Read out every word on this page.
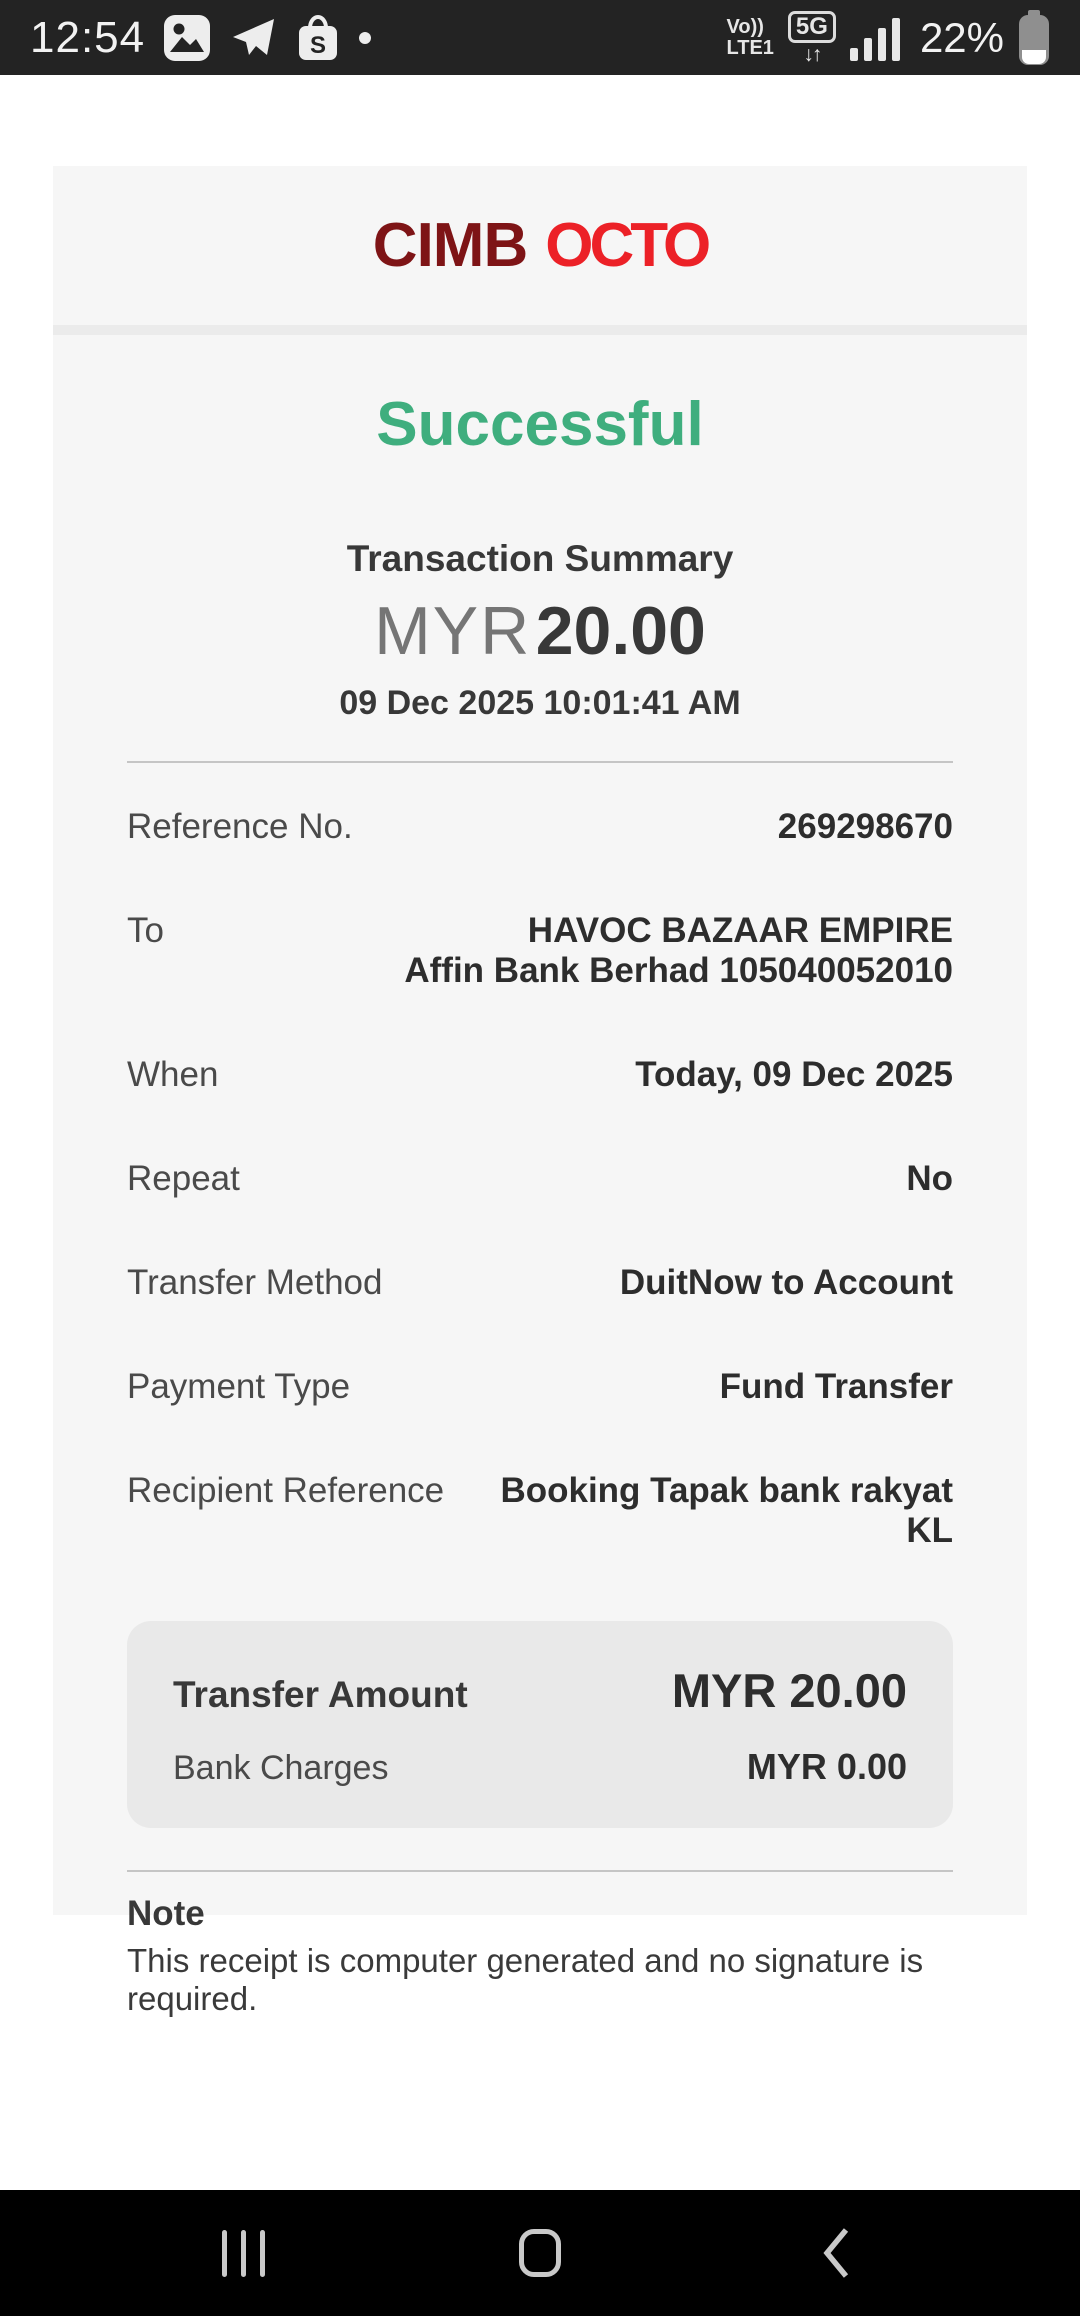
12:54	S
Vo))
LTE1
5G
↓↑ 22%
CIMB OCTO
Successful
Transaction Summary
MYR 20.00
09 Dec 2025 10:01:41 AM
Reference No.	269298670
To	HAVOC BAZAAR EMPIRE
Affin Bank Berhad 105040052010
When	Today, 09 Dec 2025
Repeat	No
Transfer Method	DuitNow to Account
Payment Type	Fund Transfer
Recipient Reference	Booking Tapak bank rakyat KL
Transfer Amount	MYR 20.00
Bank Charges	MYR 0.00
Note
This receipt is computer generated and no signature is required.
